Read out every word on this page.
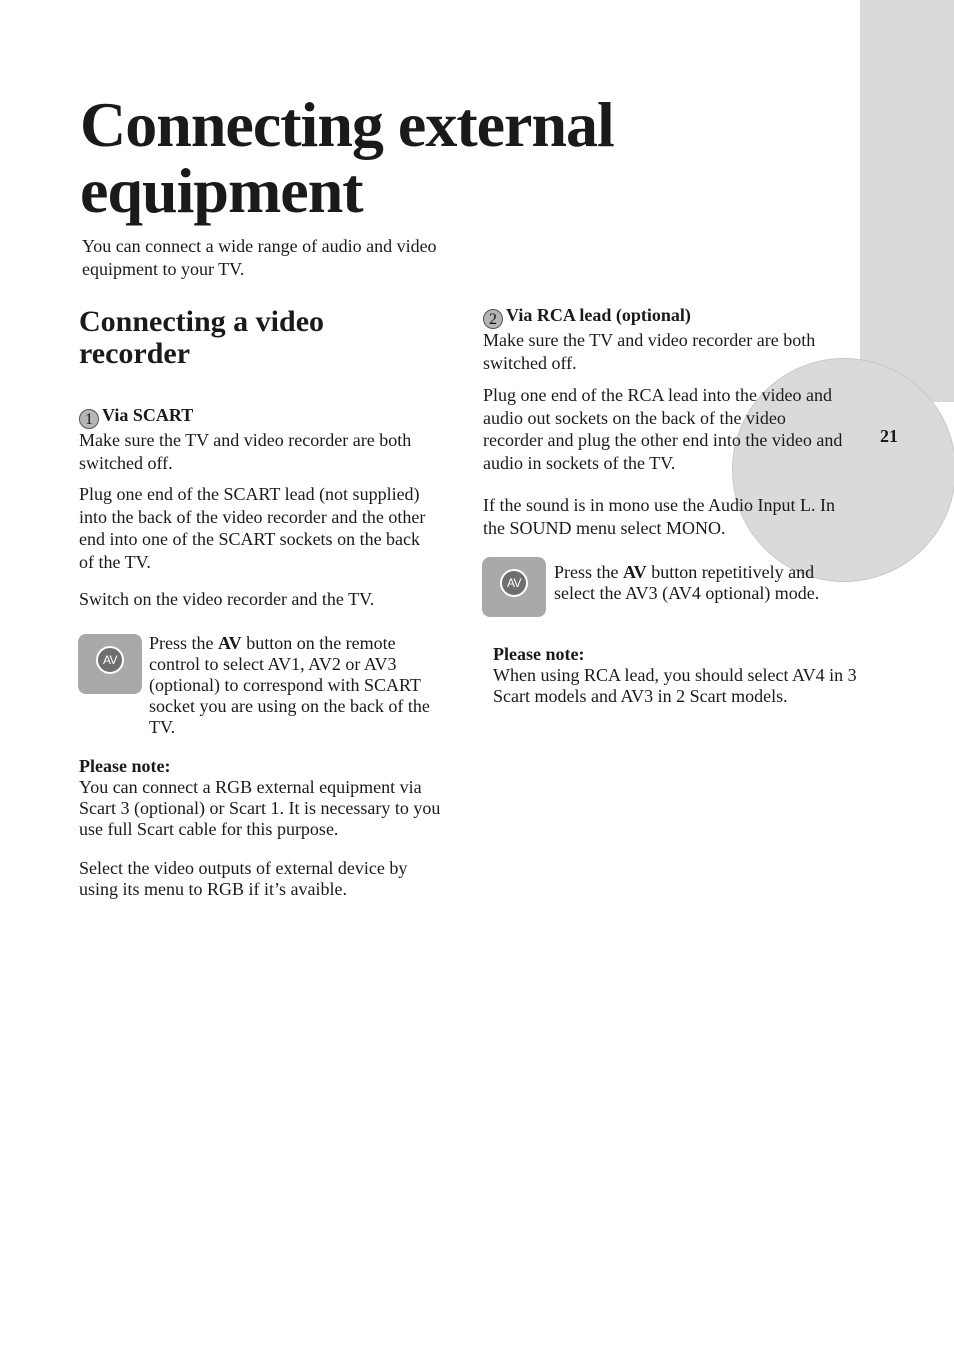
21
Connecting external equipment
You can connect a wide range of audio and video equipment to your TV.
Connecting a video recorder
1 Via SCART

Make sure the TV and video recorder are both switched off.

Plug one end of the SCART lead (not supplied) into the back of the video recorder and the other end into one of the SCART sockets on the back of the TV.

Switch on the video recorder and the TV.

AV
Press the AV button on the remote control to select AV1, AV2 or AV3 (optional) to correspond with SCART socket you are using on the back of the TV.
Please note:
You can connect a RGB external equipment via Scart 3 (optional) or Scart 1. It is necessary to you use full Scart cable for this purpose.
Select the video outputs of external device by using its menu to RGB if it’s avaible.
2 Via RCA lead (optional)

Make sure the TV and video recorder are both switched off.

Plug one end of the RCA lead into the video and audio out sockets on the back of the video recorder and plug the other end into the video and audio in sockets of the TV.

If the sound is in mono use the Audio Input L. In the SOUND menu select MONO.

AV
Press the AV button repetitively and select the AV3 (AV4 optional) mode.
Please note:
When using RCA lead, you should select AV4 in 3 Scart models and AV3 in 2 Scart models.
